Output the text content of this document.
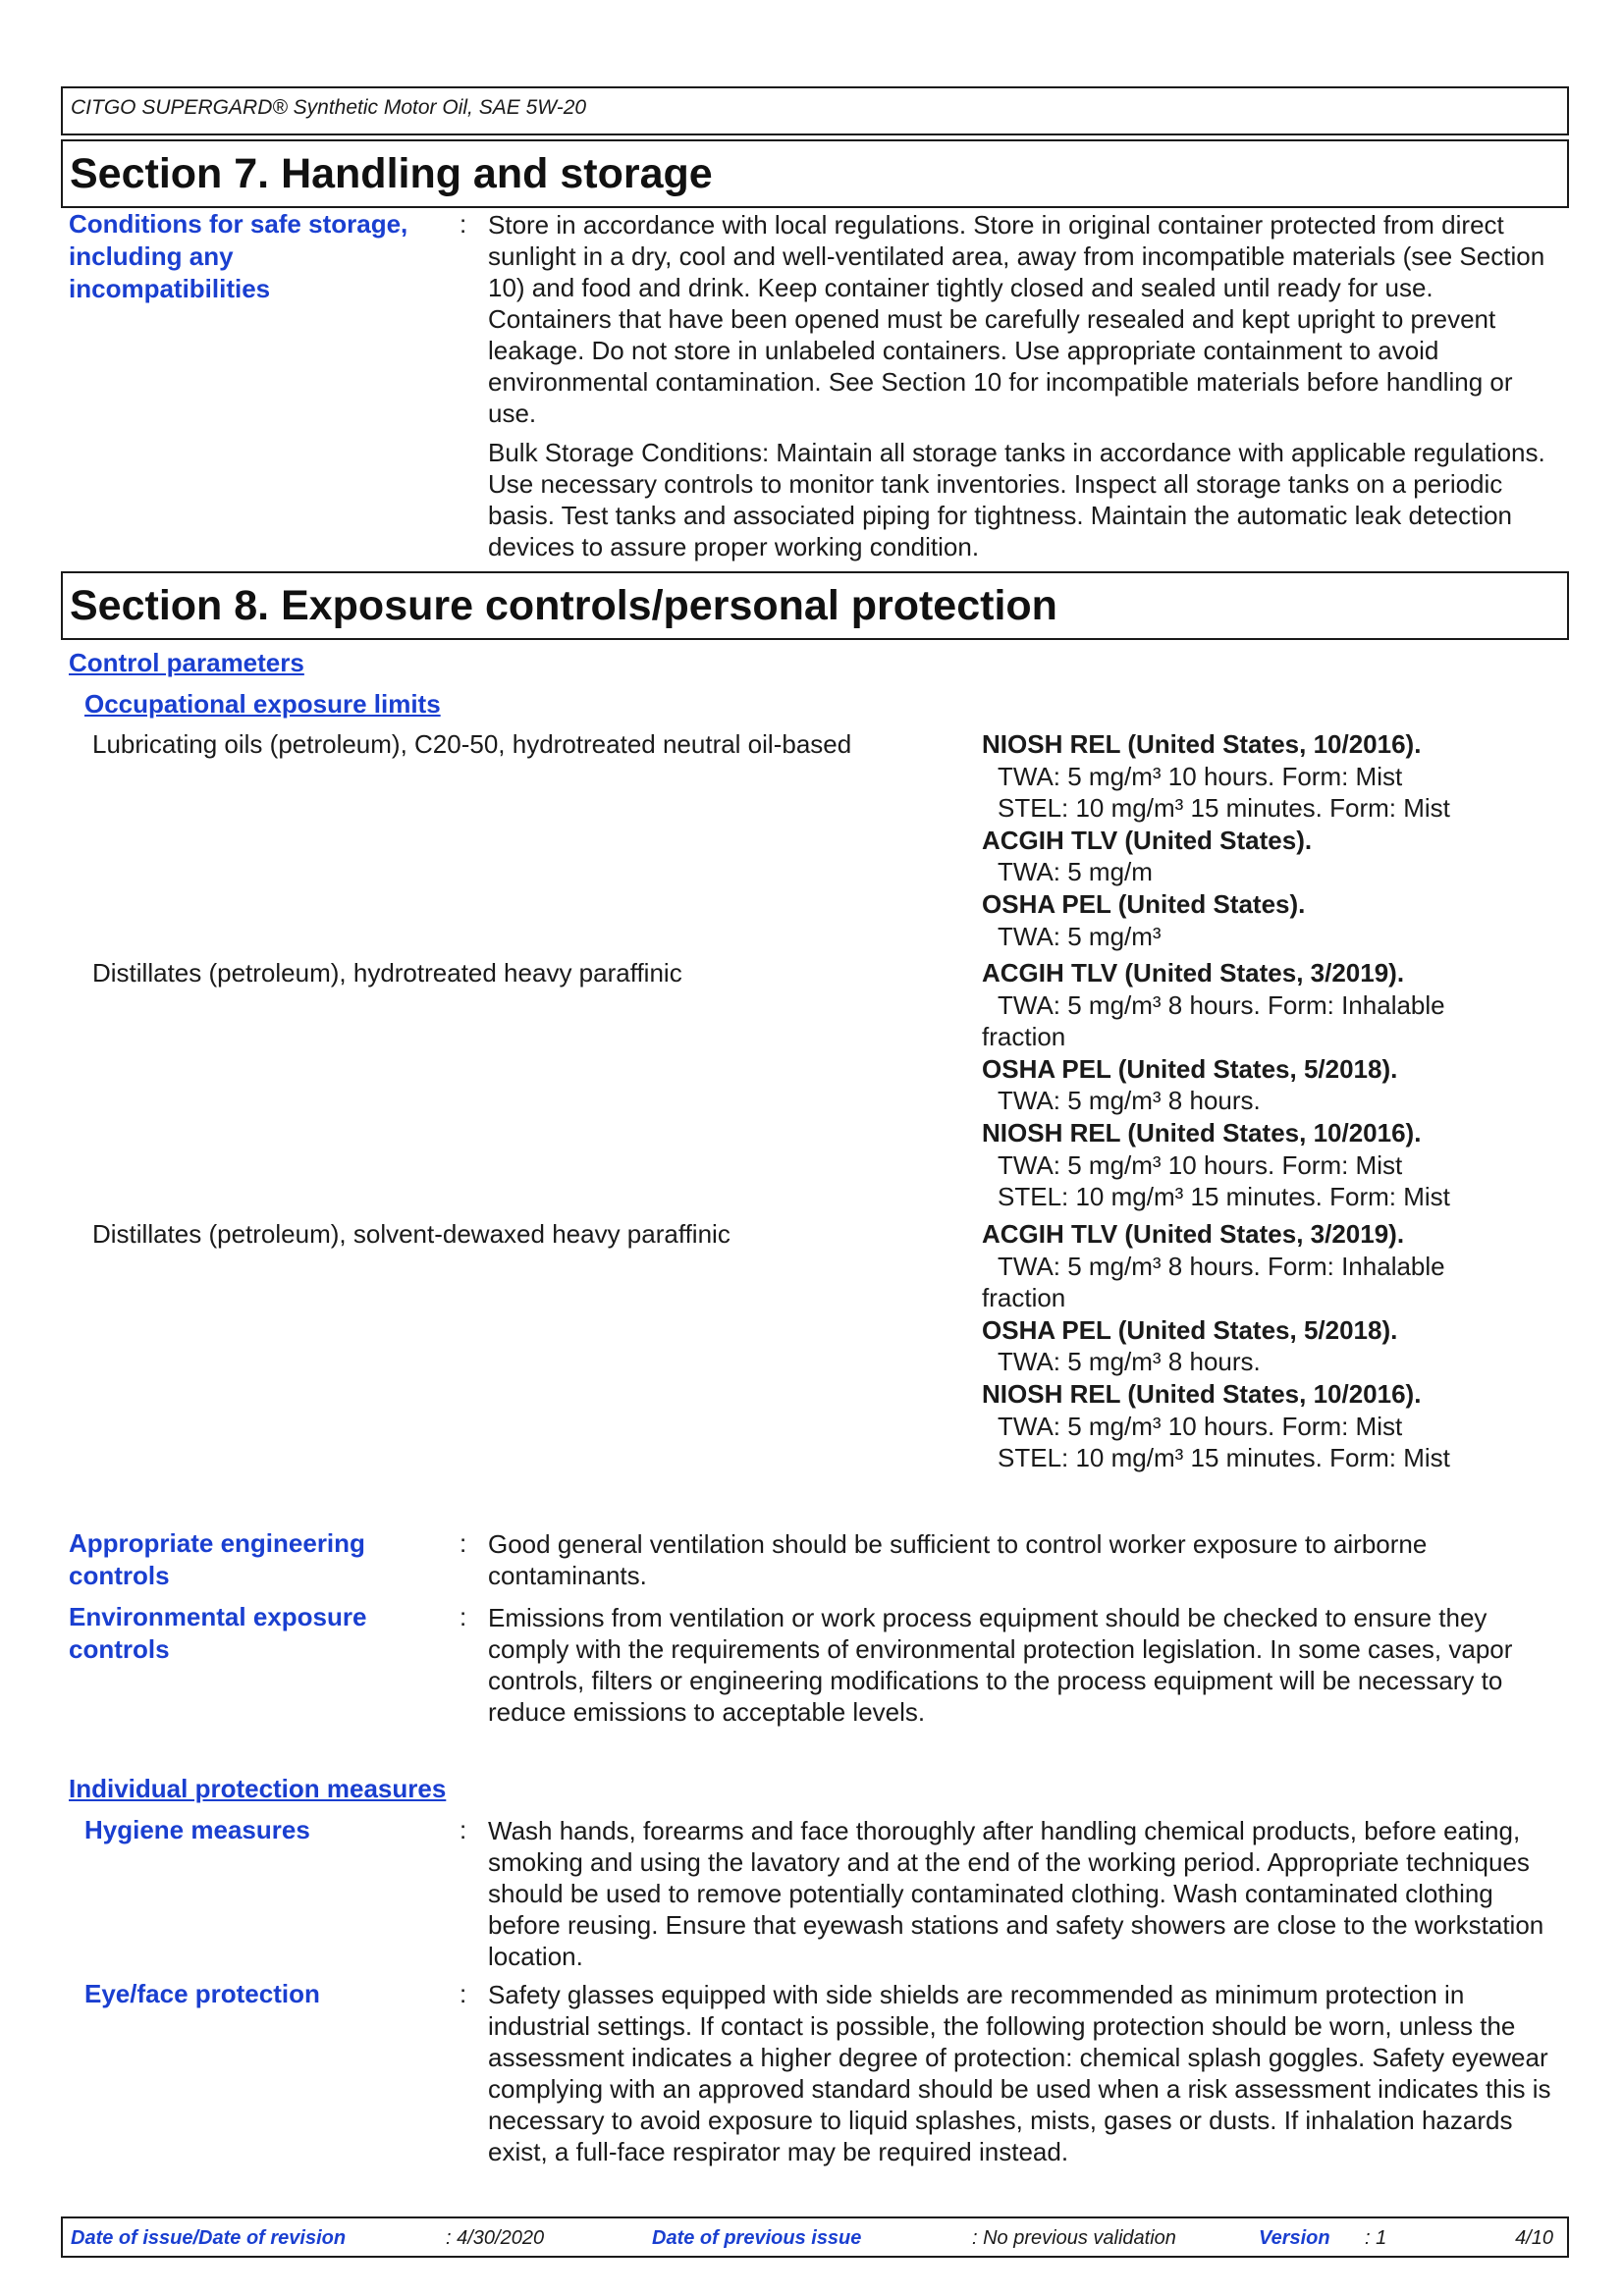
CITGO SUPERGARD® Synthetic Motor Oil, SAE 5W-20
Section 7. Handling and storage
Conditions for safe storage,
including any
incompatibilities
: Store in accordance with local regulations. Store in original container protected from direct sunlight in a dry, cool and well-ventilated area, away from incompatible materials (see Section 10) and food and drink. Keep container tightly closed and sealed until ready for use. Containers that have been opened must be carefully resealed and kept upright to prevent leakage. Do not store in unlabeled containers. Use appropriate containment to avoid environmental contamination. See Section 10 for incompatible materials before handling or use.

Bulk Storage Conditions: Maintain all storage tanks in accordance with applicable regulations. Use necessary controls to monitor tank inventories. Inspect all storage tanks on a periodic basis. Test tanks and associated piping for tightness. Maintain the automatic leak detection devices to assure proper working condition.

Section 8. Exposure controls/personal protection
Control parameters
Occupational exposure limits
Lubricating oils (petroleum), C20-50, hydrotreated neutral oil-based	NIOSH REL (United States, 10/2016).
TWA: 5 mg/m³ 10 hours. Form: Mist
STEL: 10 mg/m³ 15 minutes. Form: Mist
ACGIH TLV (United States).
TWA: 5 mg/m
OSHA PEL (United States).
TWA: 5 mg/m³
Distillates (petroleum), hydrotreated heavy paraffinic	ACGIH TLV (United States, 3/2019).
TWA: 5 mg/m³ 8 hours. Form: Inhalable
fraction
OSHA PEL (United States, 5/2018).
TWA: 5 mg/m³ 8 hours.
NIOSH REL (United States, 10/2016).
TWA: 5 mg/m³ 10 hours. Form: Mist
STEL: 10 mg/m³ 15 minutes. Form: Mist
Distillates (petroleum), solvent-dewaxed heavy paraffinic	ACGIH TLV (United States, 3/2019).
TWA: 5 mg/m³ 8 hours. Form: Inhalable
fraction
OSHA PEL (United States, 5/2018).
TWA: 5 mg/m³ 8 hours.
NIOSH REL (United States, 10/2016).
TWA: 5 mg/m³ 10 hours. Form: Mist
STEL: 10 mg/m³ 15 minutes. Form: Mist
Appropriate engineering
controls
: Good general ventilation should be sufficient to control worker exposure to airborne contaminants.
Environmental exposure
controls
: Emissions from ventilation or work process equipment should be checked to ensure they comply with the requirements of environmental protection legislation. In some cases, vapor controls, filters or engineering modifications to the process equipment will be necessary to reduce emissions to acceptable levels.
Individual protection measures
Hygiene measures	: Wash hands, forearms and face thoroughly after handling chemical products, before eating, smoking and using the lavatory and at the end of the working period. Appropriate techniques should be used to remove potentially contaminated clothing. Wash contaminated clothing before reusing. Ensure that eyewash stations and safety showers are close to the workstation location.
Eye/face protection	: Safety glasses equipped with side shields are recommended as minimum protection in industrial settings. If contact is possible, the following protection should be worn, unless the assessment indicates a higher degree of protection: chemical splash goggles. Safety eyewear complying with an approved standard should be used when a risk assessment indicates this is necessary to avoid exposure to liquid splashes, mists, gases or dusts. If inhalation hazards exist, a full-face respirator may be required instead.
Date of issue/Date of revision	: 4/30/2020	Date of previous issue	: No previous validation	Version : 1	4/10
